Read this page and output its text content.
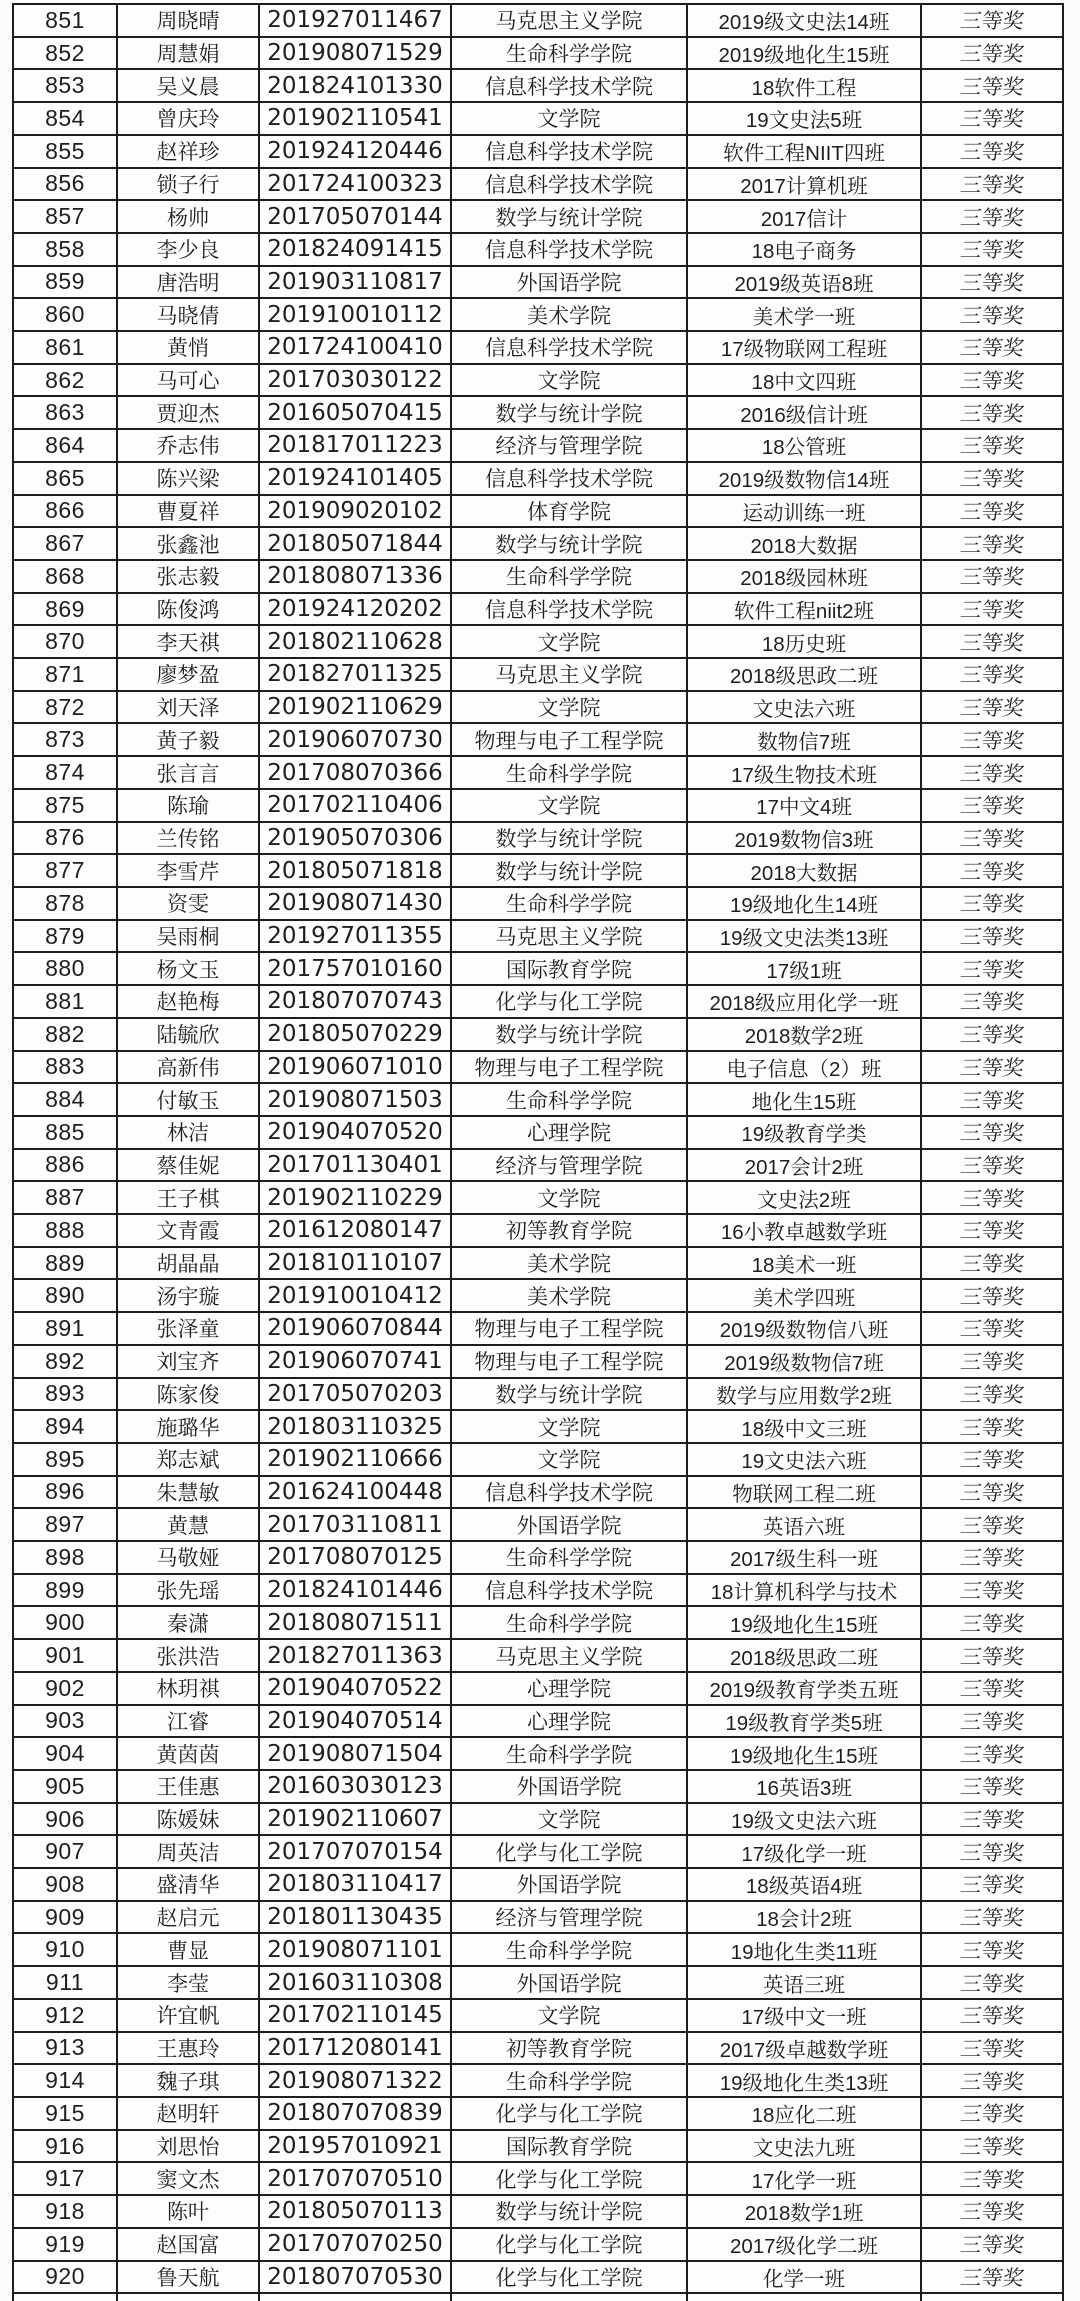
851	周晓晴	201927011467	马克思主义学院	2019级文史法14班	三等奖
852	周慧娟	201908071529	生命科学学院	2019级地化生15班	三等奖
853	吴义晨	201824101330	信息科学技术学院	18软件工程	三等奖
854	曾庆玲	201902110541	文学院	19文史法5班	三等奖
855	赵祥珍	201924120446	信息科学技术学院	软件工程NIIT四班	三等奖
856	锁子行	201724100323	信息科学技术学院	2017计算机班	三等奖
857	杨帅	201705070144	数学与统计学院	2017信计	三等奖
858	李少良	201824091415	信息科学技术学院	18电子商务	三等奖
859	唐浩明	201903110817	外国语学院	2019级英语8班	三等奖
860	马晓倩	201910010112	美术学院	美术学一班	三等奖
861	黄悄	201724100410	信息科学技术学院	17级物联网工程班	三等奖
862	马可心	201703030122	文学院	18中文四班	三等奖
863	贾迎杰	201605070415	数学与统计学院	2016级信计班	三等奖
864	乔志伟	201817011223	经济与管理学院	18公管班	三等奖
865	陈兴梁	201924101405	信息科学技术学院	2019级数物信14班	三等奖
866	曹夏祥	201909020102	体育学院	运动训练一班	三等奖
867	张鑫池	201805071844	数学与统计学院	2018大数据	三等奖
868	张志毅	201808071336	生命科学学院	2018级园林班	三等奖
869	陈俊鸿	201924120202	信息科学技术学院	软件工程niit2班	三等奖
870	李天祺	201802110628	文学院	18历史班	三等奖
871	廖梦盈	201827011325	马克思主义学院	2018级思政二班	三等奖
872	刘天泽	201902110629	文学院	文史法六班	三等奖
873	黄子毅	201906070730	物理与电子工程学院	数物信7班	三等奖
874	张言言	201708070366	生命科学学院	17级生物技术班	三等奖
875	陈瑜	201702110406	文学院	17中文4班	三等奖
876	兰传铭	201905070306	数学与统计学院	2019数物信3班	三等奖
877	李雪芹	201805071818	数学与统计学院	2018大数据	三等奖
878	资雯	201908071430	生命科学学院	19级地化生14班	三等奖
879	吴雨桐	201927011355	马克思主义学院	19级文史法类13班	三等奖
880	杨文玉	201757010160	国际教育学院	17级1班	三等奖
881	赵艳梅	201807070743	化学与化工学院	2018级应用化学一班	三等奖
882	陆毓欣	201805070229	数学与统计学院	2018数学2班	三等奖
883	高新伟	201906071010	物理与电子工程学院	电子信息（2）班	三等奖
884	付敏玉	201908071503	生命科学学院	地化生15班	三等奖
885	林洁	201904070520	心理学院	19级教育学类	三等奖
886	蔡佳妮	201701130401	经济与管理学院	2017会计2班	三等奖
887	王子棋	201902110229	文学院	文史法2班	三等奖
888	文青霞	201612080147	初等教育学院	16小教卓越数学班	三等奖
889	胡晶晶	201810110107	美术学院	18美术一班	三等奖
890	汤宇璇	201910010412	美术学院	美术学四班	三等奖
891	张泽童	201906070844	物理与电子工程学院	2019级数物信八班	三等奖
892	刘宝齐	201906070741	物理与电子工程学院	2019级数物信7班	三等奖
893	陈家俊	201705070203	数学与统计学院	数学与应用数学2班	三等奖
894	施璐华	201803110325	文学院	18级中文三班	三等奖
895	郑志斌	201902110666	文学院	19文史法六班	三等奖
896	朱慧敏	201624100448	信息科学技术学院	物联网工程二班	三等奖
897	黄慧	201703110811	外国语学院	英语六班	三等奖
898	马敬娅	201708070125	生命科学学院	2017级生科一班	三等奖
899	张先瑶	201824101446	信息科学技术学院	18计算机科学与技术	三等奖
900	秦潇	201808071511	生命科学学院	19级地化生15班	三等奖
901	张洪浩	201827011363	马克思主义学院	2018级思政二班	三等奖
902	林玥祺	201904070522	心理学院	2019级教育学类五班	三等奖
903	江睿	201904070514	心理学院	19级教育学类5班	三等奖
904	黄茵茵	201908071504	生命科学学院	19级地化生15班	三等奖
905	王佳惠	201603030123	外国语学院	16英语3班	三等奖
906	陈媛妹	201902110607	文学院	19级文史法六班	三等奖
907	周英洁	201707070154	化学与化工学院	17级化学一班	三等奖
908	盛清华	201803110417	外国语学院	18级英语4班	三等奖
909	赵启元	201801130435	经济与管理学院	18会计2班	三等奖
910	曹显	201908071101	生命科学学院	19地化生类11班	三等奖
911	李莹	201603110308	外国语学院	英语三班	三等奖
912	许宜帆	201702110145	文学院	17级中文一班	三等奖
913	王惠玲	201712080141	初等教育学院	2017级卓越数学班	三等奖
914	魏子琪	201908071322	生命科学学院	19级地化生类13班	三等奖
915	赵明轩	201807070839	化学与化工学院	18应化二班	三等奖
916	刘思怡	201957010921	国际教育学院	文史法九班	三等奖
917	窦文杰	201707070510	化学与化工学院	17化学一班	三等奖
918	陈叶	201805070113	数学与统计学院	2018数学1班	三等奖
919	赵国富	201707070250	化学与化工学院	2017级化学二班	三等奖
920	鲁天航	201807070530	化学与化工学院	化学一班	三等奖
